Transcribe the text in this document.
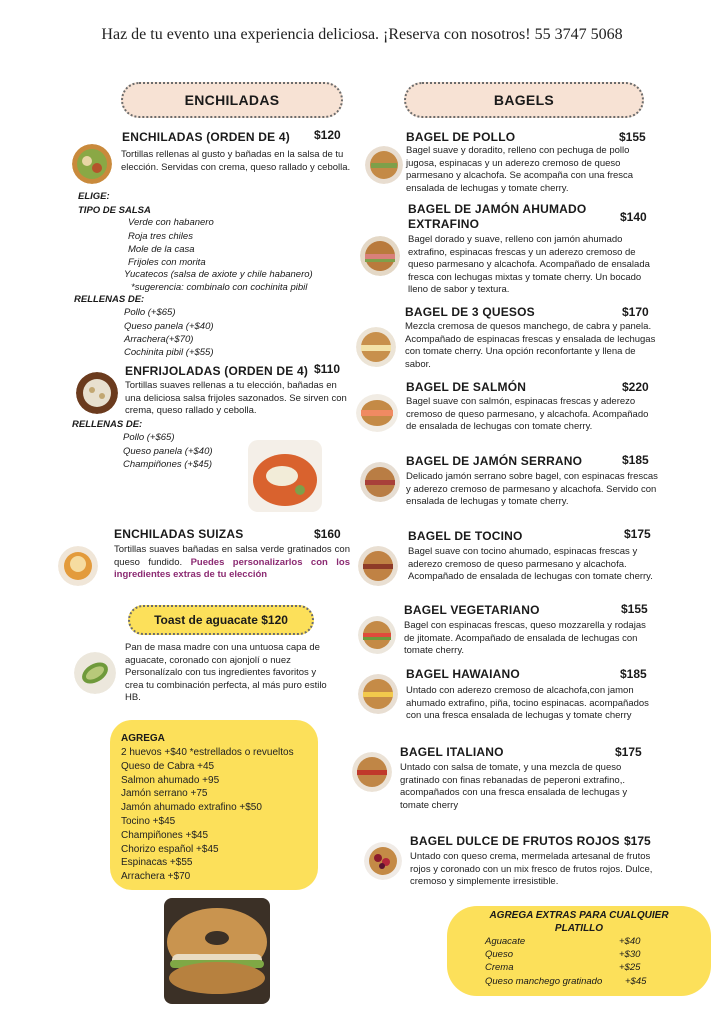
Haz de tu evento una experiencia deliciosa. ¡Reserva con nosotros! 55 3747 5068
ENCHILADAS
ENCHILADAS (ORDEN DE 4) $120
Tortillas rellenas al gusto y bañadas en la salsa de tu elección. Servidas con crema, queso rallado y cebolla.
ELIGE:
TIPO DE SALSA
Verde con habanero
Roja tres chiles
Mole de la casa
Frijoles con morita
Yucatecos (salsa de axiote y chile habanero)
*sugerencia: combinalo con cochinita pibil
RELLENAS DE:
Pollo (+$65)
Queso panela (+$40)
Arrachera(+$70)
Cochinita pibil (+$55)
ENFRIJOLADAS (ORDEN DE 4) $110
Tortillas suaves rellenas a tu elección, bañadas en una deliciosa salsa frijoles sazonados. Se sirven con crema, queso rallado y cebolla.
RELLENAS DE:
Pollo (+$65)
Queso panela (+$40)
Champiñones (+$45)
ENCHILADAS SUIZAS	$160
Tortillas suaves bañadas en salsa verde gratinados con queso fundido. Puedes personalizarlos con los ingredientes extras de tu elección
Toast de aguacate $120
Pan de masa madre con una untuosa capa de aguacate, coronado con ajonjolí o nuez Personalízalo con tus ingredientes favoritos y crea tu combinación perfecta, al más puro estilo HB.
AGREGA
2 huevos +$40 *estrellados o revueltos
Queso de Cabra +45
Salmon ahumado +95
Jamón serrano +75
Jamón ahumado extrafino +$50
Tocino +$45
Champiñones +$45
Chorizo español +$45
Espinacas +$55
Arrachera +$70
BAGELS
BAGEL DE POLLO	$155
Bagel suave y doradito, relleno con pechuga de pollo jugosa, espinacas y un aderezo cremoso de queso parmesano y alcachofa. Se acompaña con una fresca ensalada de lechugas y tomate cherry.
BAGEL DE JAMÓN AHUMADO EXTRAFINO	$140
Bagel dorado y suave, relleno con jamón ahumado extrafino, espinacas frescas y un aderezo cremoso de queso parmesano y alcachofa. Acompañado de ensalada fresca con lechugas mixtas y tomate cherry. Un bocado lleno de sabor y textura.
BAGEL DE 3 QUESOS	$170
Mezcla cremosa de quesos manchego, de cabra y panela. Acompañado de espinacas frescas y ensalada de lechugas con tomate cherry. Una opción reconfortante y llena de sabor.
BAGEL DE SALMÓN	$220
Bagel suave con salmón, espinacas frescas y aderezo cremoso de queso parmesano, y alcachofa. Acompañado de ensalada de lechugas con tomate cherry.
BAGEL DE JAMÓN SERRANO	$185
Delicado jamón serrano sobre bagel, con espinacas frescas y aderezo cremoso de parmesano y alcachofa. Servido con ensalada de lechugas y tomate cherry.
BAGEL DE TOCINO	$175
Bagel suave con tocino ahumado, espinacas frescas y aderezo cremoso de queso parmesano y alcachofa. Acompañado de ensalada de lechugas con tomate cherry.
BAGEL VEGETARIANO	$155
Bagel con espinacas frescas, queso mozzarella y rodajas de jitomate. Acompañado de ensalada de lechugas con tomate cherry.
BAGEL HAWAIANO	$185
Untado con aderezo cremoso de alcachofa,con jamon ahumado extrafino, piña, tocino espinacas. acompañados con una fresca ensalada de lechugas y tomate cherry
BAGEL ITALIANO	$175
Untado con salsa de tomate, y una mezcla de queso gratinado con finas rebanadas de peperoni extrafino,. acompañados con una fresca ensalada de lechugas y tomate cherry
BAGEL DULCE DE FRUTOS ROJOS $175
Untado con queso crema, mermelada artesanal de frutos rojos y coronado con un mix fresco de frutos rojos. Dulce, cremoso y simplemente irresistible.
AGREGA EXTRAS PARA CUALQUIER PLATILLO
Aguacate	+$40
Queso	+$30
Crema	+$25
Queso manchego gratinado +$45
